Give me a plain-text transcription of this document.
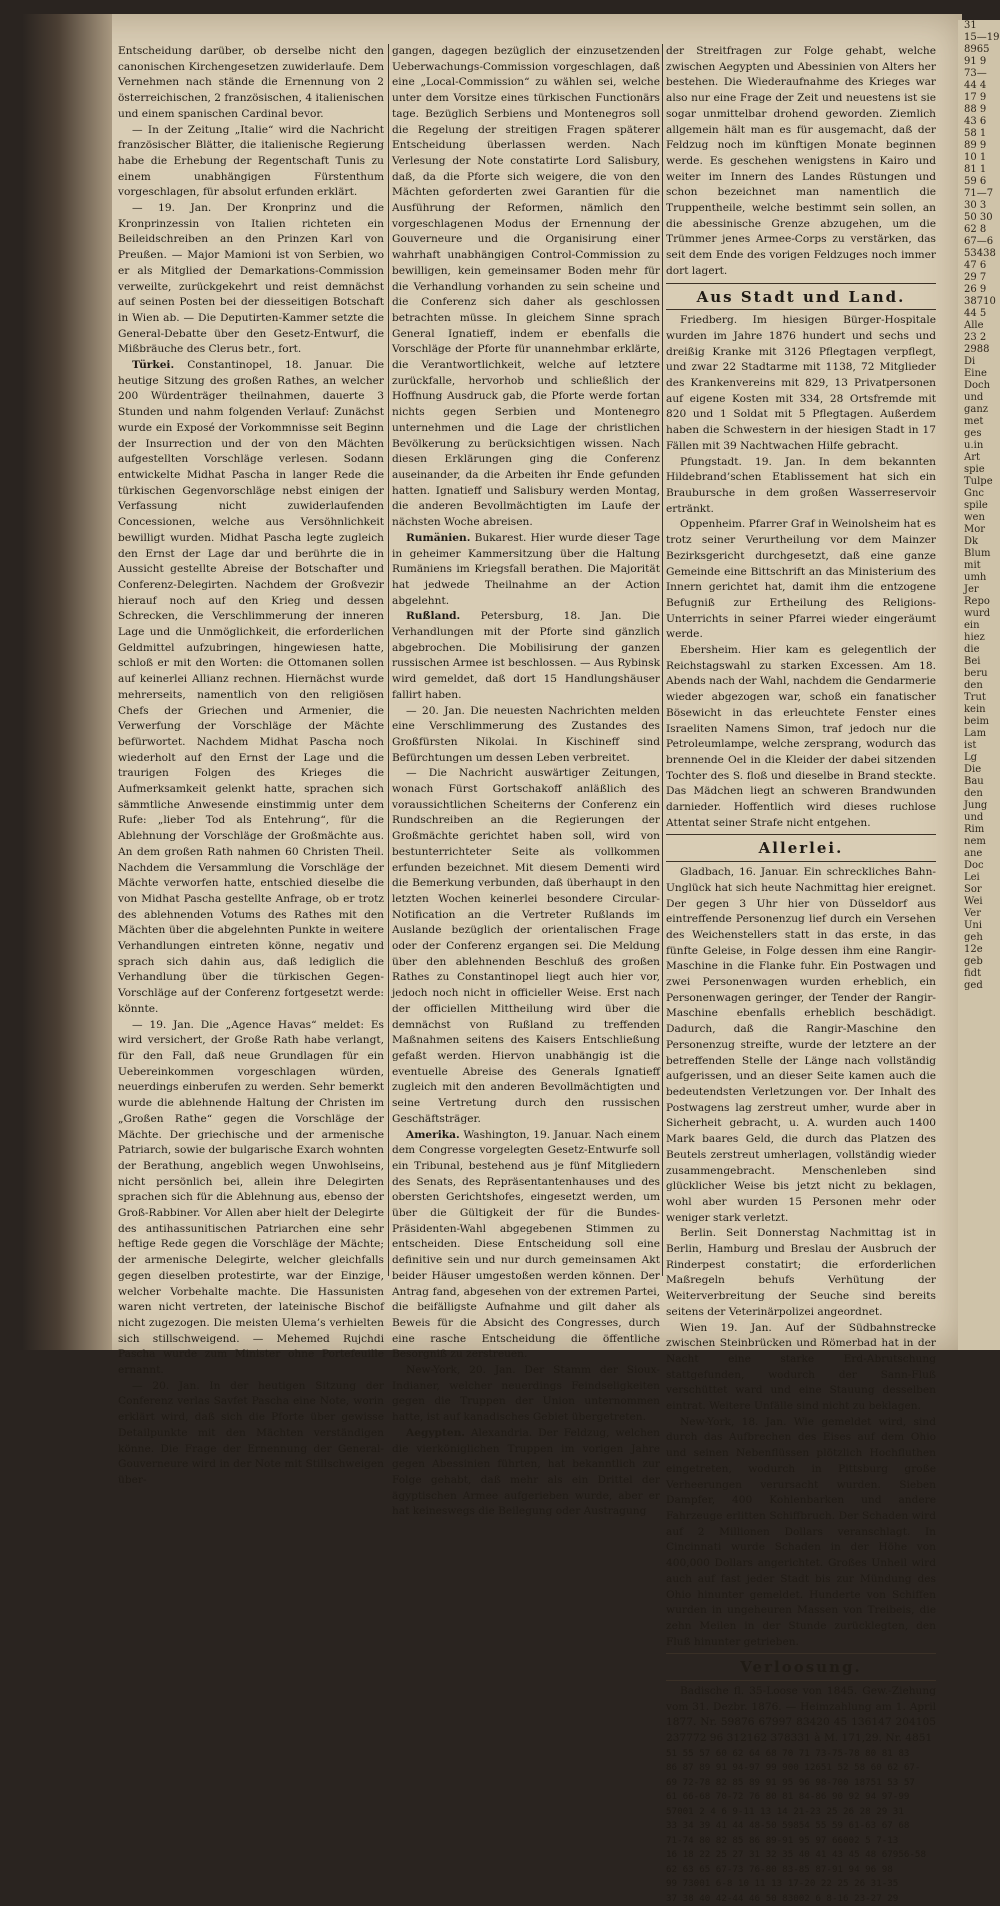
31
15—19
8965
91 9
73—
44 4
17 9
88 9
43 6
58 1
89 9
10 1
81 1
59 6
71—7
30 3
50 30
62 8
67—6
53438
47 6
29 7
26 9
38710
44 5
Alle
23 2
2988
Di
Eine
Doch
und
ganz
met
ges
u.in
Art
spie
Tulpe
Gnc
spile
wen
Mor
Dk
Blum
mit
umh
Jer
Repo
wurd
ein
hiez
die
Bei
beru
den
Trut
kein
beim
Lam
ist
Lg
Die
Bau
den
Jung
und
Rim
nem
ane
Doc
Lei
Sor
Wei
Ver
Uni
geh
12e
geb
fidt
ged

Entscheidung darüber, ob derselbe nicht den canonischen Kirchengesetzen zuwiderlaufe. Dem Vernehmen nach stände die Ernennung von 2 österreichischen, 2 französischen, 4 italienischen und einem spanischen Cardinal bevor.

— In der Zeitung „Italie“ wird die Nachricht französischer Blätter, die italienische Regierung habe die Erhebung der Regentschaft Tunis zu einem unabhängigen Fürstenthum vorgeschlagen, für absolut erfunden erklärt.

— 19. Jan. Der Kronprinz und die Kronprinzessin von Italien richteten ein Beileidschreiben an den Prinzen Karl von Preußen. — Major Mamioni ist von Serbien, wo er als Mitglied der Demarkations-Commission verweilte, zurückgekehrt und reist demnächst auf seinen Posten bei der diesseitigen Botschaft in Wien ab. — Die Deputirten-Kammer setzte die General-Debatte über den Gesetz-Entwurf, die Mißbräuche des Clerus betr., fort.

Türkei. Constantinopel, 18. Januar. Die heutige Sitzung des großen Rathes, an welcher 200 Würdenträger theilnahmen, dauerte 3 Stunden und nahm folgenden Verlauf: Zunächst wurde ein Exposé der Vorkommnisse seit Beginn der Insurrection und der von den Mächten aufgestellten Vorschläge verlesen. Sodann entwickelte Midhat Pascha in langer Rede die türkischen Gegenvorschläge nebst einigen der Verfassung nicht zuwiderlaufenden Concessionen, welche aus Versöhnlichkeit bewilligt wurden. Midhat Pascha legte zugleich den Ernst der Lage dar und berührte die in Aussicht gestellte Abreise der Botschafter und Conferenz-Delegirten. Nachdem der Großvezir hierauf noch auf den Krieg und dessen Schrecken, die Verschlimmerung der inneren Lage und die Unmöglichkeit, die erforderlichen Geldmittel aufzubringen, hingewiesen hatte, schloß er mit den Worten: die Ottomanen sollen auf keinerlei Allianz rechnen. Hiernächst wurde mehrerseits, namentlich von den religiösen Chefs der Griechen und Armenier, die Verwerfung der Vorschläge der Mächte befürwortet. Nachdem Midhat Pascha noch wiederholt auf den Ernst der Lage und die traurigen Folgen des Krieges die Aufmerksamkeit gelenkt hatte, sprachen sich sämmtliche Anwesende einstimmig unter dem Rufe: „lieber Tod als Entehrung“, für die Ablehnung der Vorschläge der Großmächte aus. An dem großen Rath nahmen 60 Christen Theil. Nachdem die Versammlung die Vorschläge der Mächte verworfen hatte, entschied dieselbe die von Midhat Pascha gestellte Anfrage, ob er trotz des ablehnenden Votums des Rathes mit den Mächten über die abgelehnten Punkte in weitere Verhandlungen eintreten könne, negativ und sprach sich dahin aus, daß lediglich die Verhandlung über die türkischen Gegen-Vorschläge auf der Conferenz fortgesetzt werde: könnte.

— 19. Jan. Die „Agence Havas“ meldet: Es wird versichert, der Große Rath habe verlangt, für den Fall, daß neue Grundlagen für ein Uebereinkommen vorgeschlagen würden, neuerdings einberufen zu werden. Sehr bemerkt wurde die ablehnende Haltung der Christen im „Großen Rathe“ gegen die Vorschläge der Mächte. Der griechische und der armenische Patriarch, sowie der bulgarische Exarch wohnten der Berathung, angeblich wegen Unwohlseins, nicht persönlich bei, allein ihre Delegirten sprachen sich für die Ablehnung aus, ebenso der Groß-Rabbiner. Vor Allen aber hielt der Delegirte des antihassunitischen Patriarchen eine sehr heftige Rede gegen die Vorschläge der Mächte; der armenische Delegirte, welcher gleichfalls gegen dieselben protestirte, war der Einzige, welcher Vorbehalte machte. Die Hassunisten waren nicht vertreten, der lateinische Bischof nicht zugezogen. Die meisten Ulema’s verhielten sich stillschweigend. — Mehemed Rujchdi Pascha wurde zum Minister ohne Portefeuille ernannt.

— 20. Jan. In der heutigen Sitzung der Conferenz verlas Savfet Pascha eine Note, worin erklärt wird, daß sich die Pforte über gewisse Detailpunkte mit den Mächten verständigen könne. Die Frage der Ernennung der General-Gouverneure wird in der Note mit Stillschweigen über-

gangen, dagegen bezüglich der einzusetzenden Ueberwachungs-Commission vorgeschlagen, daß eine „Local-Commission“ zu wählen sei, welche unter dem Vorsitze eines türkischen Functionärs tage. Bezüglich Serbiens und Montenegros soll die Regelung der streitigen Fragen späterer Entscheidung überlassen werden. Nach Verlesung der Note constatirte Lord Salisbury, daß, da die Pforte sich weigere, die von den Mächten geforderten zwei Garantien für die Ausführung der Reformen, nämlich den vorgeschlagenen Modus der Ernennung der Gouverneure und die Organisirung einer wahrhaft unabhängigen Control-Commission zu bewilligen, kein gemeinsamer Boden mehr für die Verhandlung vorhanden zu sein scheine und die Conferenz sich daher als geschlossen betrachten müsse. In gleichem Sinne sprach General Ignatieff, indem er ebenfalls die Vorschläge der Pforte für unannehmbar erklärte, die Verantwortlichkeit, welche auf letztere zurückfalle, hervorhob und schließlich der Hoffnung Ausdruck gab, die Pforte werde fortan nichts gegen Serbien und Montenegro unternehmen und die Lage der christlichen Bevölkerung zu berücksichtigen wissen. Nach diesen Erklärungen ging die Conferenz auseinander, da die Arbeiten ihr Ende gefunden hatten. Ignatieff und Salisbury werden Montag, die anderen Bevollmächtigten im Laufe der nächsten Woche abreisen.

Rumänien. Bukarest. Hier wurde dieser Tage in geheimer Kammersitzung über die Haltung Rumäniens im Kriegsfall berathen. Die Majorität hat jedwede Theilnahme an der Action abgelehnt.

Rußland. Petersburg, 18. Jan. Die Verhandlungen mit der Pforte sind gänzlich abgebrochen. Die Mobilisirung der ganzen russischen Armee ist beschlossen. — Aus Rybinsk wird gemeldet, daß dort 15 Handlungshäuser fallirt haben.

— 20. Jan. Die neuesten Nachrichten melden eine Verschlimmerung des Zustandes des Großfürsten Nikolai. In Kischineff sind Befürchtungen um dessen Leben verbreitet.

— Die Nachricht auswärtiger Zeitungen, wonach Fürst Gortschakoff anläßlich des voraussichtlichen Scheiterns der Conferenz ein Rundschreiben an die Regierungen der Großmächte gerichtet haben soll, wird von bestunterrichteter Seite als vollkommen erfunden bezeichnet. Mit diesem Dementi wird die Bemerkung verbunden, daß überhaupt in den letzten Wochen keinerlei besondere Circular-Notification an die Vertreter Rußlands im Auslande bezüglich der orientalischen Frage oder der Conferenz ergangen sei. Die Meldung über den ablehnenden Beschluß des großen Rathes zu Constantinopel liegt auch hier vor, jedoch noch nicht in officieller Weise. Erst nach der officiellen Mittheilung wird über die demnächst von Rußland zu treffenden Maßnahmen seitens des Kaisers Entschließung gefaßt werden. Hiervon unabhängig ist die eventuelle Abreise des Generals Ignatieff zugleich mit den anderen Bevollmächtigten und seine Vertretung durch den russischen Geschäftsträger.

Amerika. Washington, 19. Januar. Nach einem dem Congresse vorgelegten Gesetz-Entwurfe soll ein Tribunal, bestehend aus je fünf Mitgliedern des Senats, des Repräsentantenhauses und des obersten Gerichtshofes, eingesetzt werden, um über die Gültigkeit der für die Bundes-Präsidenten-Wahl abgegebenen Stimmen zu entscheiden. Diese Entscheidung soll eine definitive sein und nur durch gemeinsamen Akt beider Häuser umgestoßen werden können. Der Antrag fand, abgesehen von der extremen Partei, die beifälligste Aufnahme und gilt daher als Beweis für die Absicht des Congresses, durch eine rasche Entscheidung die öffentliche Besorgniß zu zerstreuen.

New-York, 20. Jan. Der Stamm der Sioux-Indianer, welcher neuerdings Feindseligkeiten gegen die Truppen der Union unternommen hatte, ist auf kanadisches Gebiet übergetreten.

Aegypten. Alexandria. Der Feldzug, welchen die vierköniglichen Truppen im vorigen Jahre gegen Abessinien führten, hat bekanntlich zur Folge gehabt, daß mehr als ein Drittel der ägyptischen Armee aufgerieben wurde, aber er hat keineswegs die Beilegung oder Austragung

der Streitfragen zur Folge gehabt, welche zwischen Aegypten und Abessinien von Alters her bestehen. Die Wiederaufnahme des Krieges war also nur eine Frage der Zeit und neuestens ist sie sogar unmittelbar drohend geworden. Ziemlich allgemein hält man es für ausgemacht, daß der Feldzug noch im künftigen Monate beginnen werde. Es geschehen wenigstens in Kairo und weiter im Innern des Landes Rüstungen und schon bezeichnet man namentlich die Truppentheile, welche bestimmt sein sollen, an die abessinische Grenze abzugehen, um die Trümmer jenes Armee-Corps zu verstärken, das seit dem Ende des vorigen Feldzuges noch immer dort lagert.

Aus Stadt und Land.

Friedberg. Im hiesigen Bürger-Hospitale wurden im Jahre 1876 hundert und sechs und dreißig Kranke mit 3126 Pflegtagen verpflegt, und zwar 22 Stadtarme mit 1138, 72 Mitglieder des Krankenvereins mit 829, 13 Privatpersonen auf eigene Kosten mit 334, 28 Ortsfremde mit 820 und 1 Soldat mit 5 Pflegtagen. Außerdem haben die Schwestern in der hiesigen Stadt in 17 Fällen mit 39 Nachtwachen Hilfe gebracht.

Pfungstadt. 19. Jan. In dem bekannten Hildebrand’schen Etablissement hat sich ein Braubursche in dem großen Wasserreservoir ertränkt.

Oppenheim. Pfarrer Graf in Weinolsheim hat es trotz seiner Verurtheilung vor dem Mainzer Bezirksgericht durchgesetzt, daß eine ganze Gemeinde eine Bittschrift an das Ministerium des Innern gerichtet hat, damit ihm die entzogene Befugniß zur Ertheilung des Religions-Unterrichts in seiner Pfarrei wieder eingeräumt werde.

Ebersheim. Hier kam es gelegentlich der Reichstagswahl zu starken Excessen. Am 18. Abends nach der Wahl, nachdem die Gendarmerie wieder abgezogen war, schoß ein fanatischer Bösewicht in das erleuchtete Fenster eines Israeliten Namens Simon, traf jedoch nur die Petroleumlampe, welche zersprang, wodurch das brennende Oel in die Kleider der dabei sitzenden Tochter des S. floß und dieselbe in Brand steckte. Das Mädchen liegt an schweren Brandwunden darnieder. Hoffentlich wird dieses ruchlose Attentat seiner Strafe nicht entgehen.

Allerlei.

Gladbach, 16. Januar. Ein schreckliches Bahn-Unglück hat sich heute Nachmittag hier ereignet. Der gegen 3 Uhr hier von Düsseldorf aus eintreffende Personenzug lief durch ein Versehen des Weichenstellers statt in das erste, in das fünfte Geleise, in Folge dessen ihm eine Rangir-Maschine in die Flanke fuhr. Ein Postwagen und zwei Personenwagen wurden erheblich, ein Personenwagen geringer, der Tender der Rangir-Maschine ebenfalls erheblich beschädigt. Dadurch, daß die Rangir-Maschine den Personenzug streifte, wurde der letztere an der betreffenden Stelle der Länge nach vollständig aufgerissen, und an dieser Seite kamen auch die bedeutendsten Verletzungen vor. Der Inhalt des Postwagens lag zerstreut umher, wurde aber in Sicherheit gebracht, u. A. wurden auch 1400 Mark baares Geld, die durch das Platzen des Beutels zerstreut umherlagen, vollständig wieder zusammengebracht. Menschenleben sind glücklicher Weise bis jetzt nicht zu beklagen, wohl aber wurden 15 Personen mehr oder weniger stark verletzt.

Berlin. Seit Donnerstag Nachmittag ist in Berlin, Hamburg und Breslau der Ausbruch der Rinderpest constatirt; die erforderlichen Maßregeln behufs Verhütung der Weiterverbreitung der Seuche sind bereits seitens der Veterinärpolizei angeordnet.

Wien 19. Jan. Auf der Südbahnstrecke zwischen Steinbrücken und Römerbad hat in der Nacht eine starke Erd-Abrutschung stattgefunden, wodurch der Sann-Fluß verschüttet ward und eine Stauung desselben eintrat. Weitere Unfälle sind nicht zu beklagen.

New-York, 18. Jan. Wie gemeldet wird, sind durch das Aufbrechen des Eises auf dem Ohio und seinen Nebenflüssen plötzlich Hochfluthen eingetreten, wodurch in Pittsburg große Verheerungen verursacht wurden. Sieben Dampfer, 400 Kohlenbarken und andere Fahrzeuge erlitten Schiffbruch. Der Schaden wird auf 2 Millionen Dollars veranschlagt. In Cincinnati wurde Schaden in der Höhe von 400,000 Dollars angerichtet. Großes Unheil wird auch auf fast jeder Stadt bis zur Mündung des Ohio hinunter gemeldet. Hunderte von Schiffen wurden in ungeheuren Massen von Treibeis, die zehn Meilen in der Stunde zurücklegten, den Fluß hinunter getrieben.

Verloosung.

Badische fl. 35-Loose von 1845. Gew.-Ziehung vom 31. Dezbr. 1876. — Heimzahlung am 1. April 1877. Nr. 59876 67997 83420 45 136147 204105 237772 96 312162 378331 à M. 171,29. Nr. 4851

51 55 57 60 62 64 68 70 71 73-75-78 80 81 83
86 87 89 91 94-97 99 900 12651 52 58 60 62 67-
69 72-78 82 85 89 91 95 96 98-700 18751 53 57
61 66-68 70-72 76 80 81 84-86 90 92 94 97-99
57001 2 4 6 9-11 13 14 21-23 25 26 28 29 31
33 34 39 41 44 48-50 59854 55 59 61-63 67 68
71-74 80 82 85 86 89-91 95 97 66002 5 7-13
16 18 22 25 27 31 32 35 40 41 43 45 48 67956-58
62 63 65 67-73 76-80 83-85 87-91 94 96 98
99 73001 6-8 10 11 13 17-20 22 25 26 31-35
37 38 40 42-44 46 50 83002 6 8-16 23-27 29
